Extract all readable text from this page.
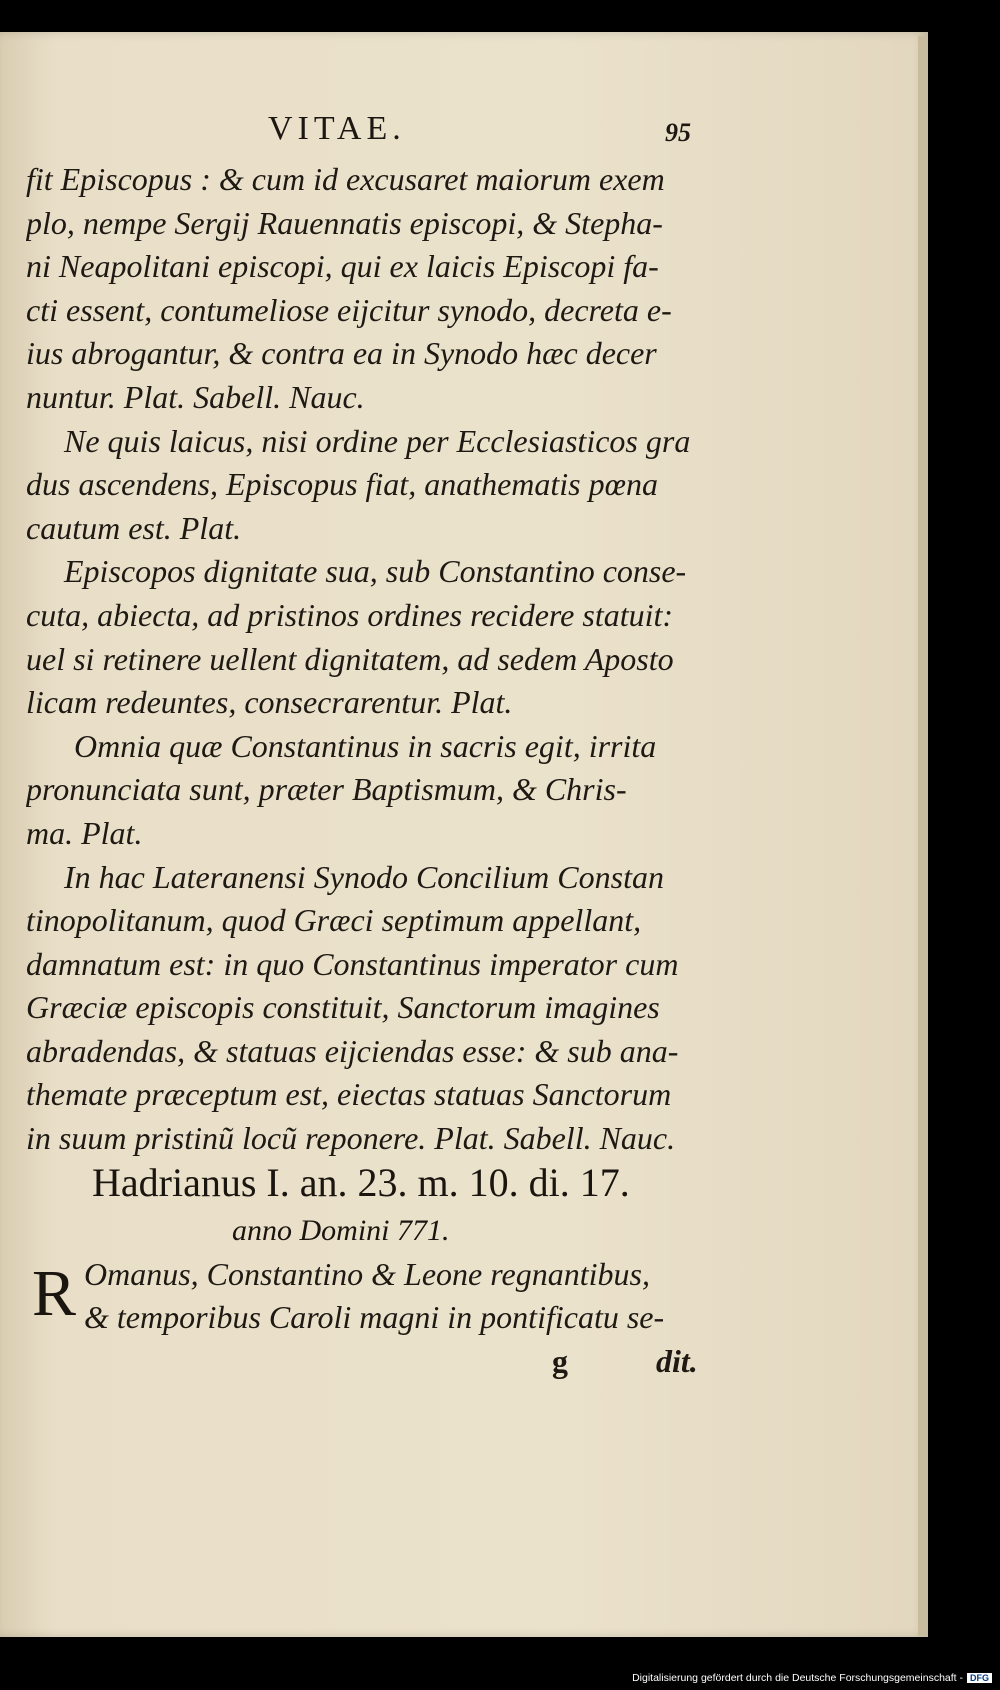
VITAE.	95
fit Episcopus : & cum id excusaret maiorum exem
plo, nempe Sergij Rauennatis episcopi, & Stepha-
ni Neapolitani episcopi, qui ex laicis Episcopi fa-
cti essent, contumeliose eijcitur synodo, decreta e-
ius abrogantur, & contra ea in Synodo hæc decer
nuntur. Plat. Sabell. Nauc.
Ne quis laicus, nisi ordine per Ecclesiasticos gra
dus ascendens, Episcopus fiat, anathematis pœna
cautum est. Plat.
Episcopos dignitate sua, sub Constantino conse-
cuta, abiecta, ad pristinos ordines recidere statuit:
uel si retinere uellent dignitatem, ad sedem Aposto
licam redeuntes, consecrarentur. Plat.
Omnia quæ Constantinus in sacris egit, irrita
pronunciata sunt, præter Baptismum, & Chris-
ma. Plat.
In hac Lateranensi Synodo Concilium Constan
tinopolitanum, quod Græci septimum appellant,
damnatum est: in quo Constantinus imperator cum
Græciæ episcopis constituit, Sanctorum imagines
abradendas, & statuas eijciendas esse: & sub ana-
themate præceptum est, eiectas statuas Sanctorum
in suum pristinũ locũ reponere. Plat. Sabell. Nauc.
Hadrianus I. an. 23. m. 10. di. 17.
anno Domini 771.
R Omanus, Constantino & Leone regnantibus,
& temporibus Caroli magni in pontificatu se-
g	dit.
Digitalisierung gefördert durch die Deutsche Forschungsgemeinschaft - DFG
